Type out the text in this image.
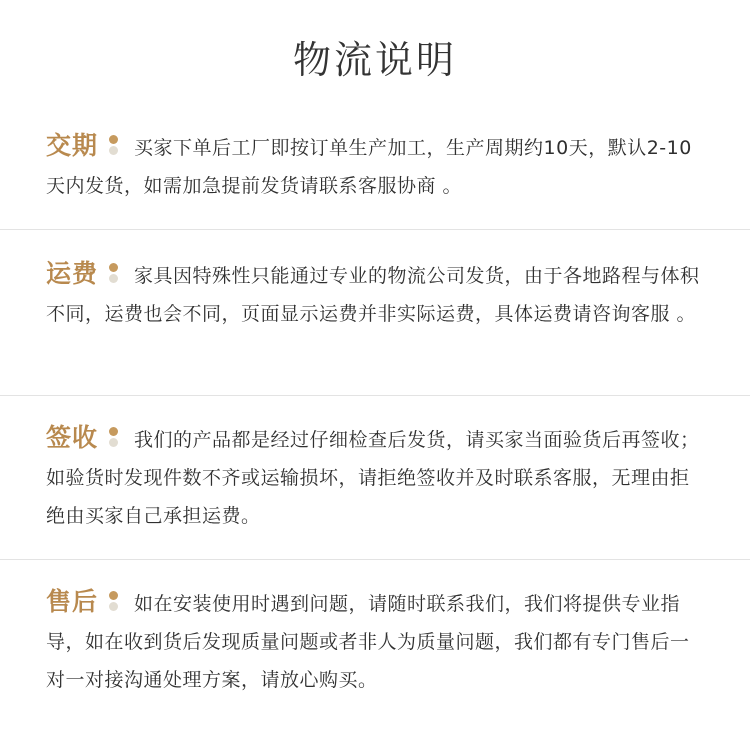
物流说明
交期 买家下单后工厂即按订单生产加工，生产周期约10天，默认2-10天内发货，如需加急提前发货请联系客服协商 。
运费 家具因特殊性只能通过专业的物流公司发货，由于各地路程与体积不同，运费也会不同，页面显示运费并非实际运费，具体运费请咨询客服 。
签收 我们的产品都是经过仔细检查后发货，请买家当面验货后再签收；如验货时发现件数不齐或运输损坏，请拒绝签收并及时联系客服，无理由拒绝由买家自己承担运费。
售后 如在安装使用时遇到问题，请随时联系我们，我们将提供专业指导，如在收到货后发现质量问题或者非人为质量问题，我们都有专门售后一对一对接沟通处理方案，请放心购买。
